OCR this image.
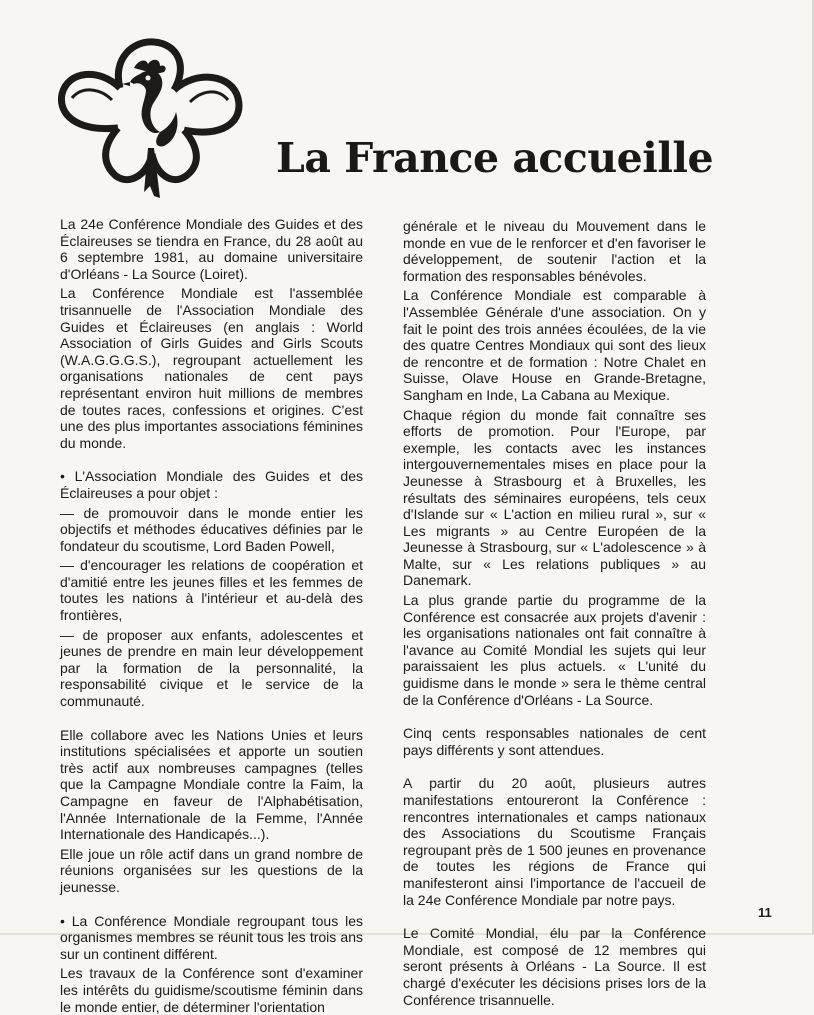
La France accueille

La 24e Conférence Mondiale des Guides et des Éclaireuses se tiendra en France, du 28 août au 6 septembre 1981, au domaine universitaire d'Orléans - La Source (Loiret).

La Conférence Mondiale est l'assemblée trisannuelle de l'Association Mondiale des Guides et Éclaireuses (en anglais : World Association of Girls Guides and Girls Scouts (W.A.G.G.G.S.), regroupant actuellement les organisations nationales de cent pays représentant environ huit millions de membres de toutes races, confessions et origines. C'est une des plus importantes associations féminines du monde.

• L'Association Mondiale des Guides et des Éclaireuses a pour objet :

— de promouvoir dans le monde entier les objectifs et méthodes éducatives définies par le fondateur du scoutisme, Lord Baden Powell,

— d'encourager les relations de coopération et d'amitié entre les jeunes filles et les femmes de toutes les nations à l'intérieur et au-delà des frontières,

— de proposer aux enfants, adolescentes et jeunes de prendre en main leur développement par la formation de la personnalité, la responsabilité civique et le service de la communauté.

Elle collabore avec les Nations Unies et leurs institutions spécialisées et apporte un soutien très actif aux nombreuses campagnes (telles que la Campagne Mondiale contre la Faim, la Campagne en faveur de l'Alphabétisation, l'Année Internationale de la Femme, l'Année Internationale des Handicapés...).

Elle joue un rôle actif dans un grand nombre de réunions organisées sur les questions de la jeunesse.

• La Conférence Mondiale regroupant tous les organismes membres se réunit tous les trois ans sur un continent différent.

Les travaux de la Conférence sont d'examiner les intérêts du guidisme/scoutisme féminin dans le monde entier, de déterminer l'orientation

générale et le niveau du Mouvement dans le monde en vue de le renforcer et d'en favoriser le développement, de soutenir l'action et la formation des responsables bénévoles.

La Conférence Mondiale est comparable à l'Assemblée Générale d'une association. On y fait le point des trois années écoulées, de la vie des quatre Centres Mondiaux qui sont des lieux de rencontre et de formation : Notre Chalet en Suisse, Olave House en Grande-Bretagne, Sangham en Inde, La Cabana au Mexique.

Chaque région du monde fait connaître ses efforts de promotion. Pour l'Europe, par exemple, les contacts avec les instances intergouvernementales mises en place pour la Jeunesse à Strasbourg et à Bruxelles, les résultats des séminaires européens, tels ceux d'Islande sur « L'action en milieu rural », sur « Les migrants » au Centre Européen de la Jeunesse à Strasbourg, sur « L'adolescence » à Malte, sur « Les relations publiques » au Danemark.

La plus grande partie du programme de la Conférence est consacrée aux projets d'avenir : les organisations nationales ont fait connaître à l'avance au Comité Mondial les sujets qui leur paraissaient les plus actuels. « L'unité du guidisme dans le monde » sera le thème central de la Conférence d'Orléans - La Source.

Cinq cents responsables nationales de cent pays différents y sont attendues.

A partir du 20 août, plusieurs autres manifestations entoureront la Conférence : rencontres internationales et camps nationaux des Associations du Scoutisme Français regroupant près de 1 500 jeunes en provenance de toutes les régions de France qui manifesteront ainsi l'importance de l'accueil de la 24e Conférence Mondiale par notre pays.

Le Comité Mondial, élu par la Conférence Mondiale, est composé de 12 membres qui seront présents à Orléans - La Source. Il est chargé d'exécuter les décisions prises lors de la Conférence trisannuelle.

11
